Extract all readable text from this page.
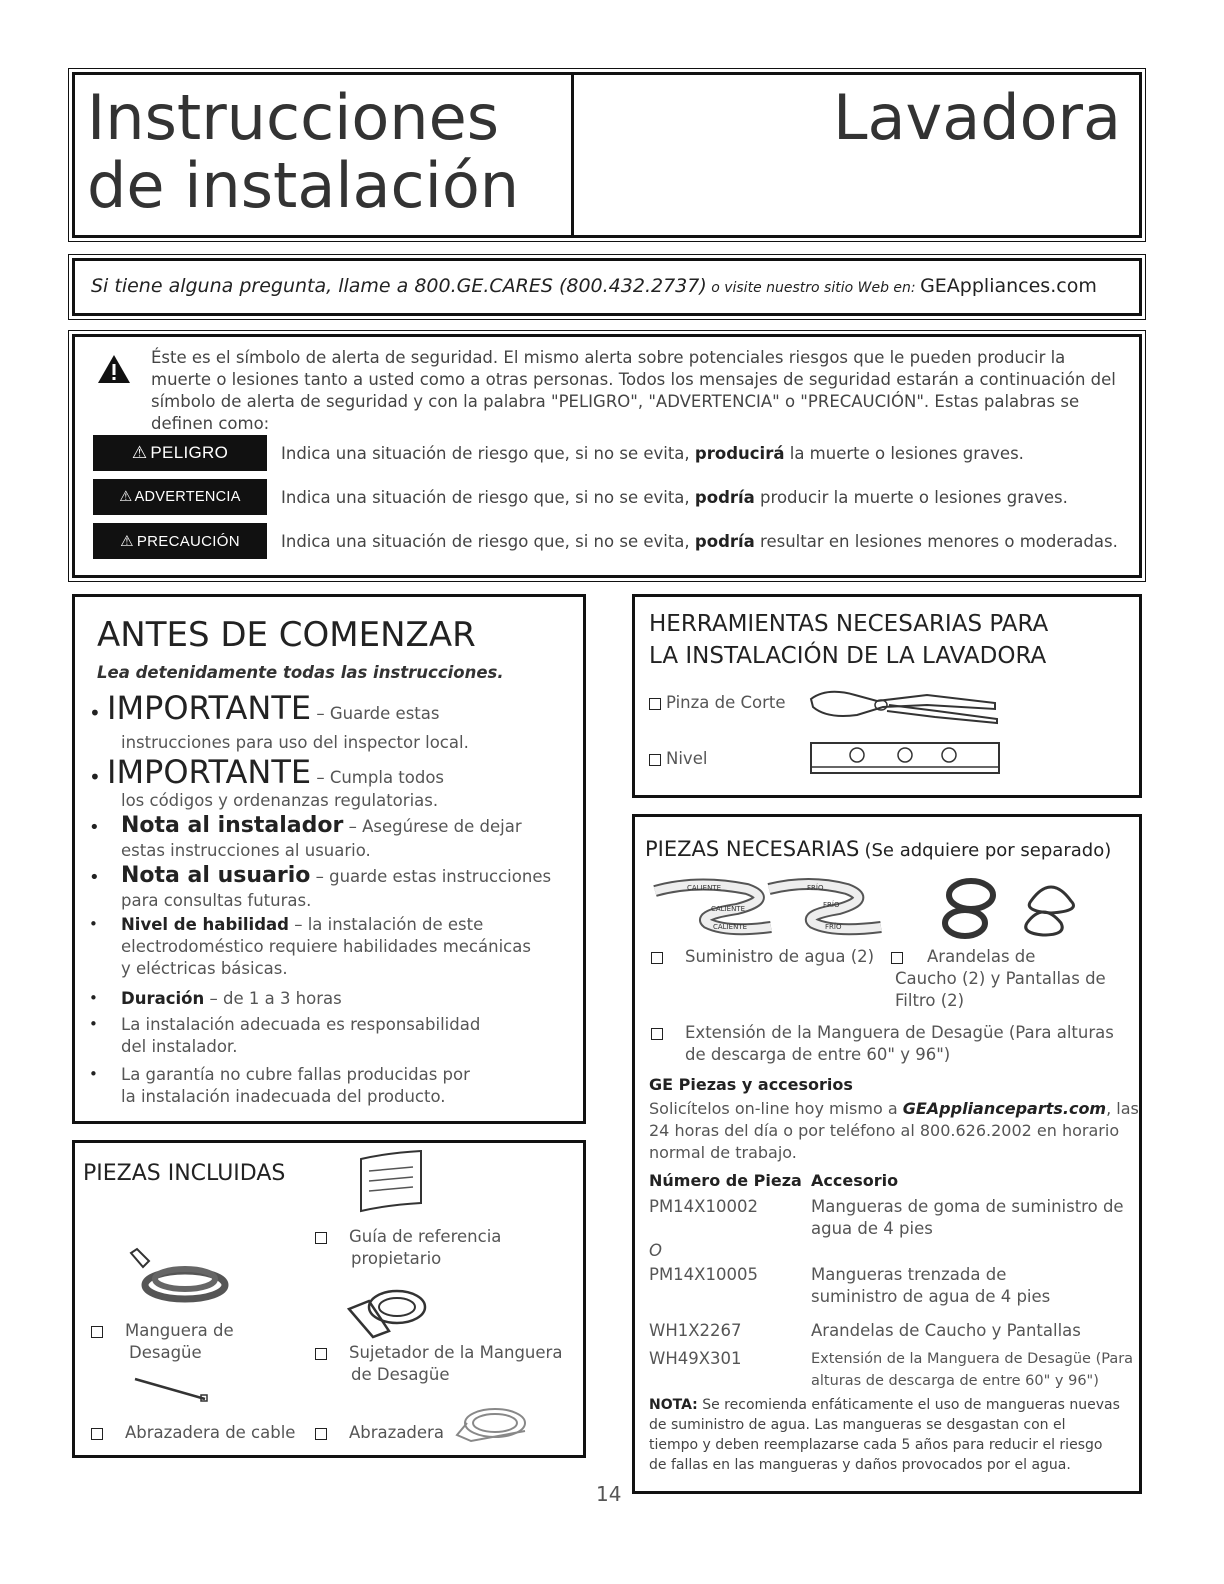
Instrucciones
de instalación
Lavadora
Si tiene alguna pregunta, llame a 800.GE.CARES (800.432.2737) o visite nuestro sitio Web en: GEAppliances.com
Éste es el símbolo de alerta de seguridad. El mismo alerta sobre potenciales riesgos que le pueden producir la muerte o lesiones tanto a usted como a otras personas. Todos los mensajes de seguridad estarán a continuación del símbolo de alerta de seguridad y con la palabra "PELIGRO", "ADVERTENCIA" o "PRECAUCIÓN". Estas palabras se definen como:
⚠ PELIGRO	Indica una situación de riesgo que, si no se evita, producirá la muerte o lesiones graves.
⚠ ADVERTENCIA Indica una situación de riesgo que, si no se evita, podría producir la muerte o lesiones graves.
⚠ PRECAUCIÓN Indica una situación de riesgo que, si no se evita, podría resultar en lesiones menores o moderadas.
ANTES DE COMENZAR
Lea detenidamente todas las instrucciones.
• IMPORTANTE – Guarde estas
instrucciones para uso del inspector local.
• IMPORTANTE – Cumpla todos
los códigos y ordenanzas regulatorias.
• Nota al instalador – Asegúrese de dejar
estas instrucciones al usuario.
• Nota al usuario – guarde estas instrucciones
para consultas futuras.
• Nivel de habilidad – la instalación de este
electrodoméstico requiere habilidades mecánicas
y eléctricas básicas.
• Duración – de 1 a 3 horas
• La instalación adecuada es responsabilidad
del instalador.
• La garantía no cubre fallas producidas por
la instalación inadecuada del producto.
HERRAMIENTAS NECESARIAS PARA
LA INSTALACIÓN DE LA LAVADORA
Pinza de Corte
Nivel
PIEZAS NECESARIAS (Se adquiere por separado)
CALIENTE
CALIENTE
CALIENTE
FRÍO
FRÍO
FRÍO
Suministro de agua (2)	Arandelas de
Caucho (2) y Pantallas de
Filtro (2)
Extensión de la Manguera de Desagüe (Para alturas
de descarga de entre 60" y 96")
GE Piezas y accesorios
Solicítelos on-line hoy mismo a GEApplianceparts.com, las
24 horas del día o por teléfono al 800.626.2002 en horario
normal de trabajo.
Número de Pieza Accesorio
PM14X10002	Mangueras de goma de suministro de
agua de 4 pies
O
PM14X10005	Mangueras trenzada de
suministro de agua de 4 pies
WH1X2267	Arandelas de Caucho y Pantallas
WH49X301	Extensión de la Manguera de Desagüe (Para
alturas de descarga de entre 60" y 96")
NOTA: Se recomienda enfáticamente el uso de mangueras nuevas
de suministro de agua. Las mangueras se desgastan con el
tiempo y deben reemplazarse cada 5 años para reducir el riesgo
de fallas en las mangueras y daños provocados por el agua.
PIEZAS INCLUIDAS
Guía de referencia
propietario
Manguera de
Desagüe	Sujetador de la Manguera
de Desagüe
Abrazadera de cable	Abrazadera
14
